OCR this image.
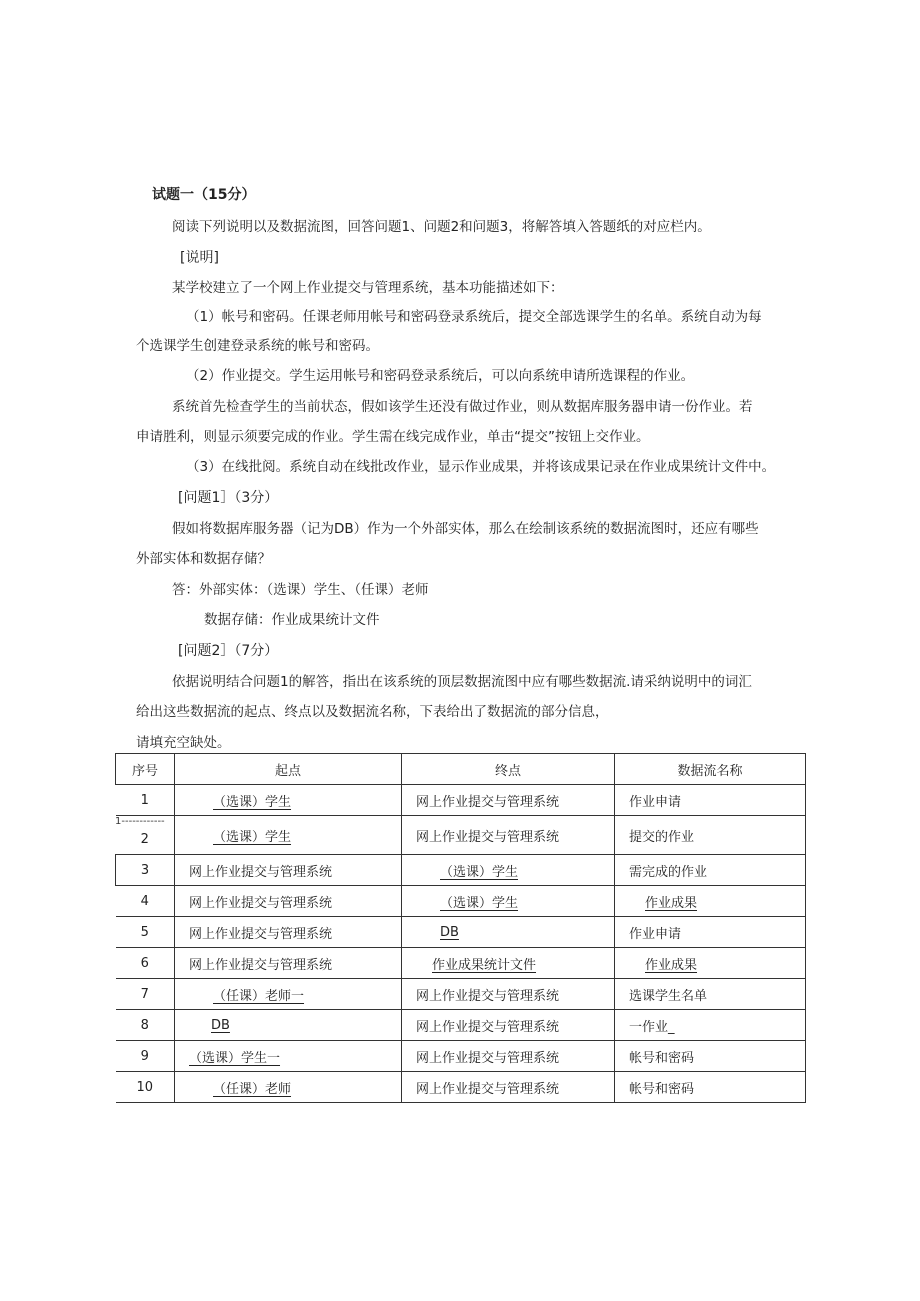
试题一（15分）
阅读下列说明以及数据流图，回答问题1、问题2和问题3，将解答填入答题纸的对应栏内。
[说明]
某学校建立了一个网上作业提交与管理系统，基本功能描述如下：
（1）帐号和密码。任课老师用帐号和密码登录系统后，提交全部选课学生的名单。系统自动为每
个选课学生创建登录系统的帐号和密码。
（2）作业提交。学生运用帐号和密码登录系统后，可以向系统申请所选课程的作业。
系统首先检查学生的当前状态，假如该学生还没有做过作业，则从数据库服务器申请一份作业。若
申请胜利，则显示须要完成的作业。学生需在线完成作业，单击“提交”按钮上交作业。
（3）在线批阅。系统自动在线批改作业，显示作业成果，并将该成果记录在作业成果统计文件中。
[问题1］（3分）
假如将数据库服务器（记为DB）作为一个外部实体，那么在绘制该系统的数据流图时，还应有哪些
外部实体和数据存储？
答：外部实体：（选课）学生、（任课）老师
数据存储：作业成果统计文件
[问题2］（7分）
依据说明结合问题1的解答，指出在该系统的顶层数据流图中应有哪些数据流.请采纳说明中的词汇
给出这些数据流的起点、终点以及数据流名称，下表给出了数据流的部分信息，
请填充空缺处。
序号	起点	终点	数据流名称
1	（选课）学生	网上作业提交与管理系统	作业申请
2	（选课）学生	网上作业提交与管理系统	提交的作业
3	网上作业提交与管理系统	（选课）学生	需完成的作业
4	网上作业提交与管理系统	（选课）学生	作业成果
5	网上作业提交与管理系统	DB	作业申请
6	网上作业提交与管理系统	作业成果统计文件	作业成果
7	（任课）老师一	网上作业提交与管理系统	选课学生名单
8	DB	网上作业提交与管理系统	一作业_
9	（选课）学生一	网上作业提交与管理系统	帐号和密码
10	（任课）老师	网上作业提交与管理系统	帐号和密码
1------------
